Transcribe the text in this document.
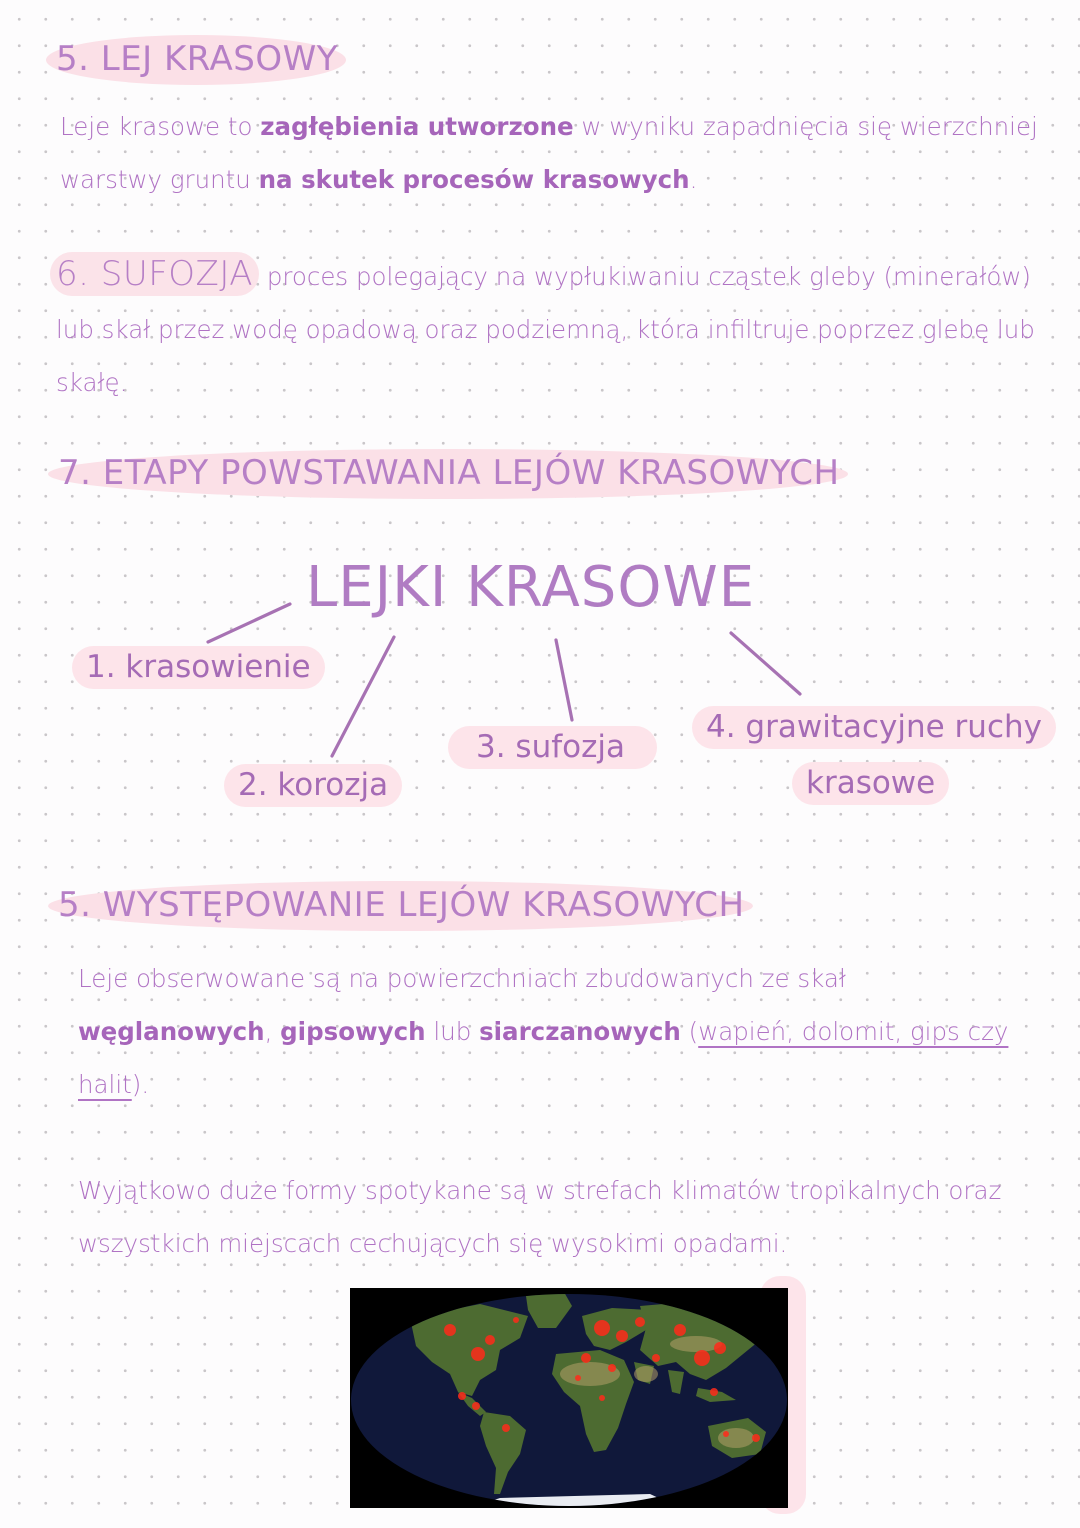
5. LEJ KRASOWY
Leje krasowe to zagłębienia utworzone w wyniku zapadnięcia się wierzchniej warstwy gruntu na skutek procesów krasowych.
6. SUFOZJA proces polegający na wypłukiwaniu cząstek gleby (minerałów) lub skał przez wodę opadową oraz podziemną, która infiltruje poprzez glebę lub skałę.
7. ETAPY POWSTAWANIA LEJÓW KRASOWYCH
LEJKI KRASOWE
1. krasowienie
2. korozja
3. sufozja
4. grawitacyjne ruchy
krasowe
5. WYSTĘPOWANIE LEJÓW KRASOWYCH
Leje obserwowane są na powierzchniach zbudowanych ze skał węglanowych, gipsowych lub siarczanowych (wapień, dolomit, gips czy halit).
Wyjątkowo duże formy spotykane są w strefach klimatów tropikalnych oraz wszystkich miejscach cechujących się wysokimi opadami.
